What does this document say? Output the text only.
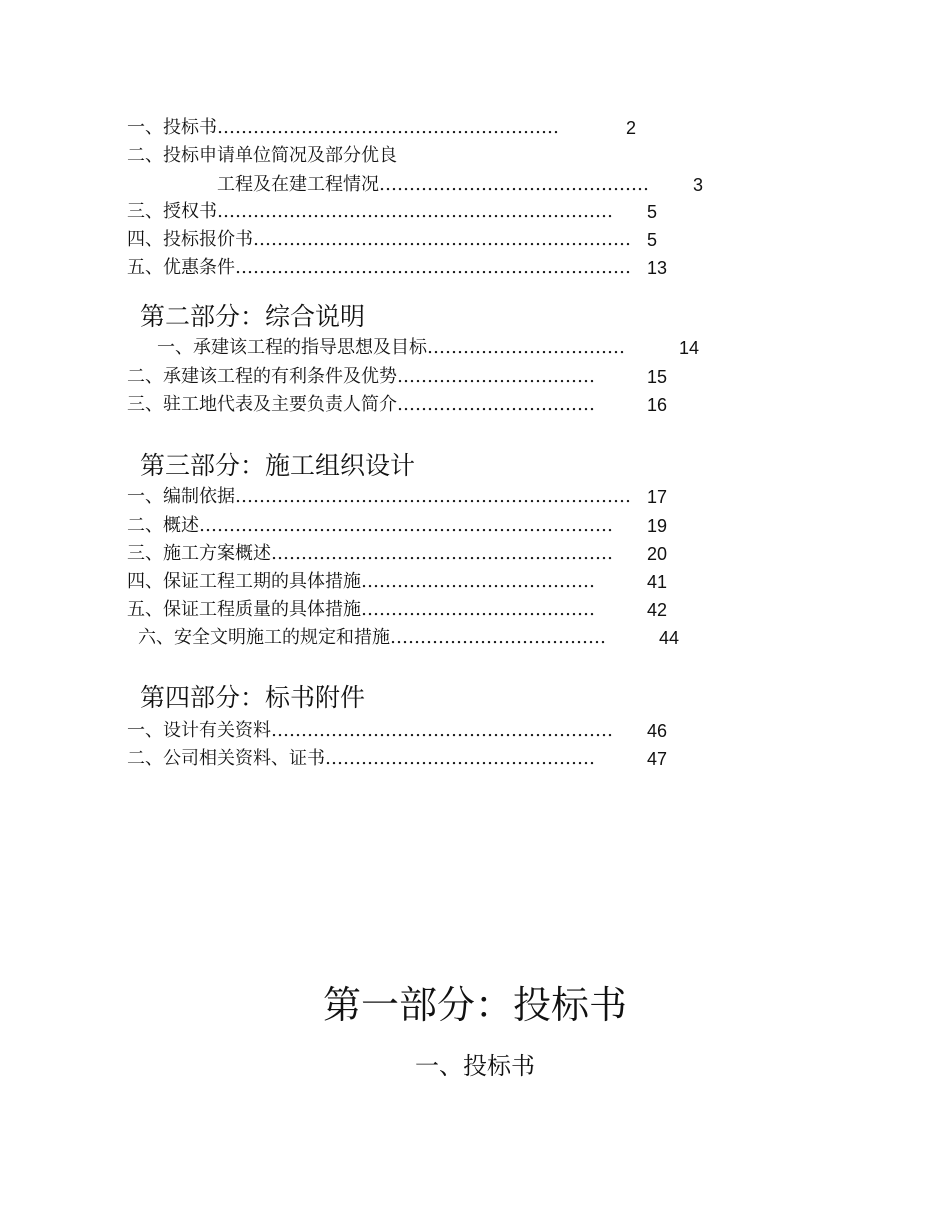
一、投标书…………………………………………………	2
二、投标申请单位简况及部分优良
工程及在建工程情况……………………………………… 3
三、授权书………………………………………………………… 5
四、投标报价书……………………………………………………… 5
五、优惠条件………………………………………………………… 13
第二部分：综合说明
一、承建该工程的指导思想及目标……………………………	14
二、承建该工程的有利条件及优势……………………………	15
三、驻工地代表及主要负责人简介……………………………	16
第三部分：施工组织设计
一、编制依据………………………………………………………… 17
二、概述…………………………………………………………… 19
三、施工方案概述………………………………………………… 20
四、保证工程工期的具体措施…………………………………	41
五、保证工程质量的具体措施…………………………………	42
六、安全文明施工的规定和措施………………………………	44
第四部分：标书附件
一、设计有关资料………………………………………………… 46
二、公司相关资料、证书………………………………………	47
第一部分：投标书
一、投标书
